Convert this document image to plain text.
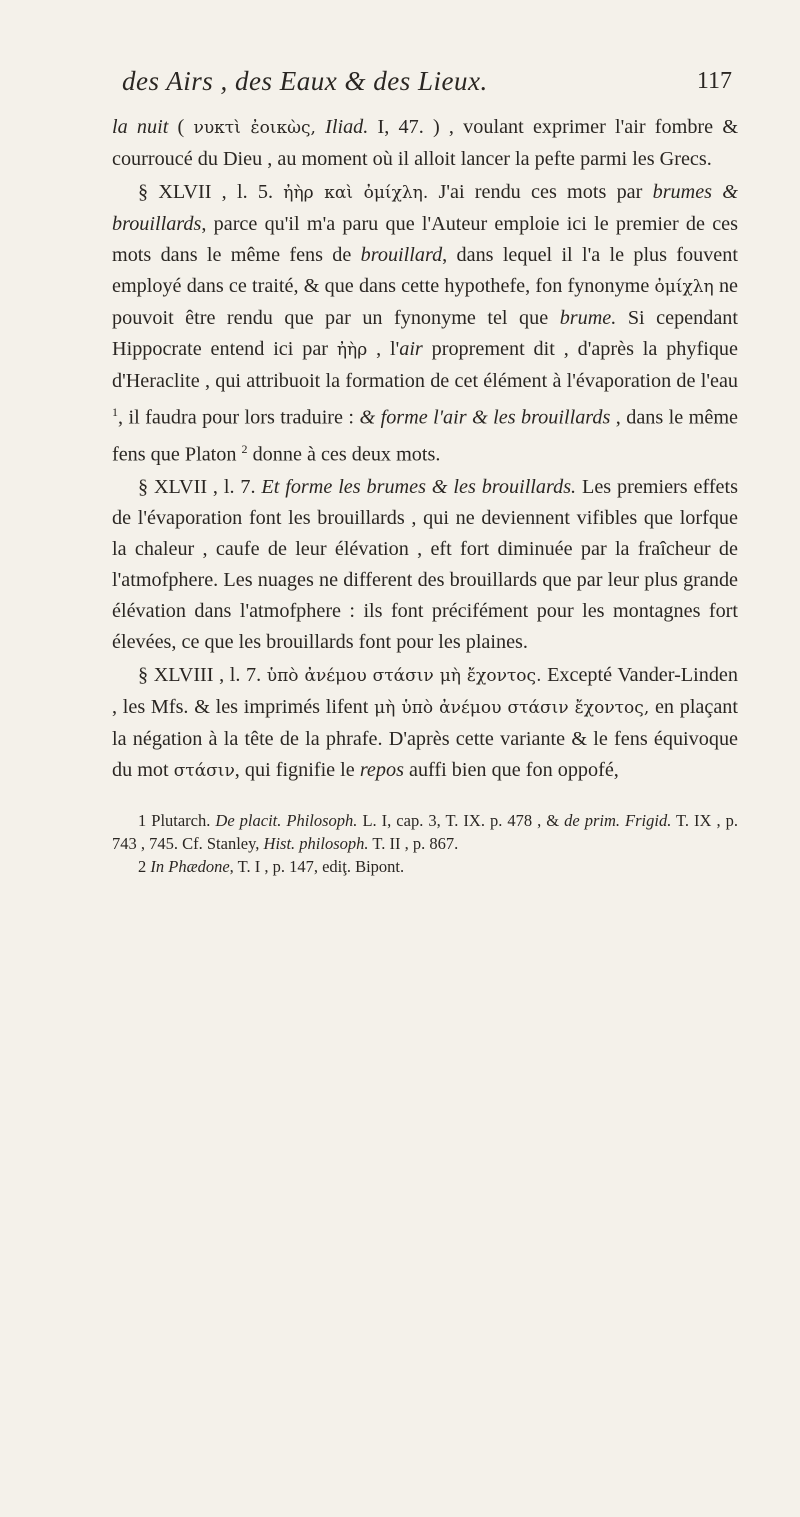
des Airs , des Eaux & des Lieux.	117

la nuit ( νυκτὶ ἐοικὼς, Iliad. I, 47. ) , voulant exprimer l'air fombre & courroucé du Dieu , au moment où il alloit lancer la pefte parmi les Grecs.

§ XLVII , l. 5. ἠὴρ καὶ ὀμίχλη. J'ai rendu ces mots par brumes & brouillards, parce qu'il m'a paru que l'Auteur emploie ici le premier de ces mots dans le même fens de brouillard, dans lequel il l'a le plus fouvent employé dans ce traité, & que dans cette hypothefe, fon fynonyme ὀμίχλη ne pouvoit être rendu que par un fynonyme tel que brume. Si cependant Hippocrate entend ici par ἠὴρ , l'air proprement dit , d'après la phyfique d'Heraclite , qui attribuoit la formation de cet élément à l'évaporation de l'eau $^1$, il faudra pour lors traduire : & forme l'air & les brouillards , dans le même fens que Platon $^2$ donne à ces deux mots.

§ XLVII , l. 7. Et forme les brumes & les brouillards. Les premiers effets de l'évaporation font les brouillards , qui ne deviennent vifibles que lorfque la chaleur , caufe de leur élévation , eft fort diminuée par la fraîcheur de l'atmofphere. Les nuages ne different des brouillards que par leur plus grande élévation dans l'atmofphere : ils font précifément pour les montagnes fort élevées, ce que les brouillards font pour les plaines.

§ XLVIII , l. 7. ὑπὸ ἀνέμου στάσιν μὴ ἔχοντος. Excepté Vander-Linden , les Mfs. & les imprimés lifent μὴ ὑπὸ ἀνέμου στάσιν ἔχοντος, en plaçant la négation à la tête de la phrafe. D'après cette variante & le fens équivoque du mot στάσιν, qui fignifie le repos auffi bien que fon oppofé,

1 Plutarch. De placit. Philosoph. L. I, cap. 3, T. IX. p. 478 , & de prim. Frigid. T. IX , p. 743 , 745. Cf. Stanley, Hist. philosoph. T. II , p. 867.

2 In Phædone, T. I , p. 147, ediţ. Bipont.
